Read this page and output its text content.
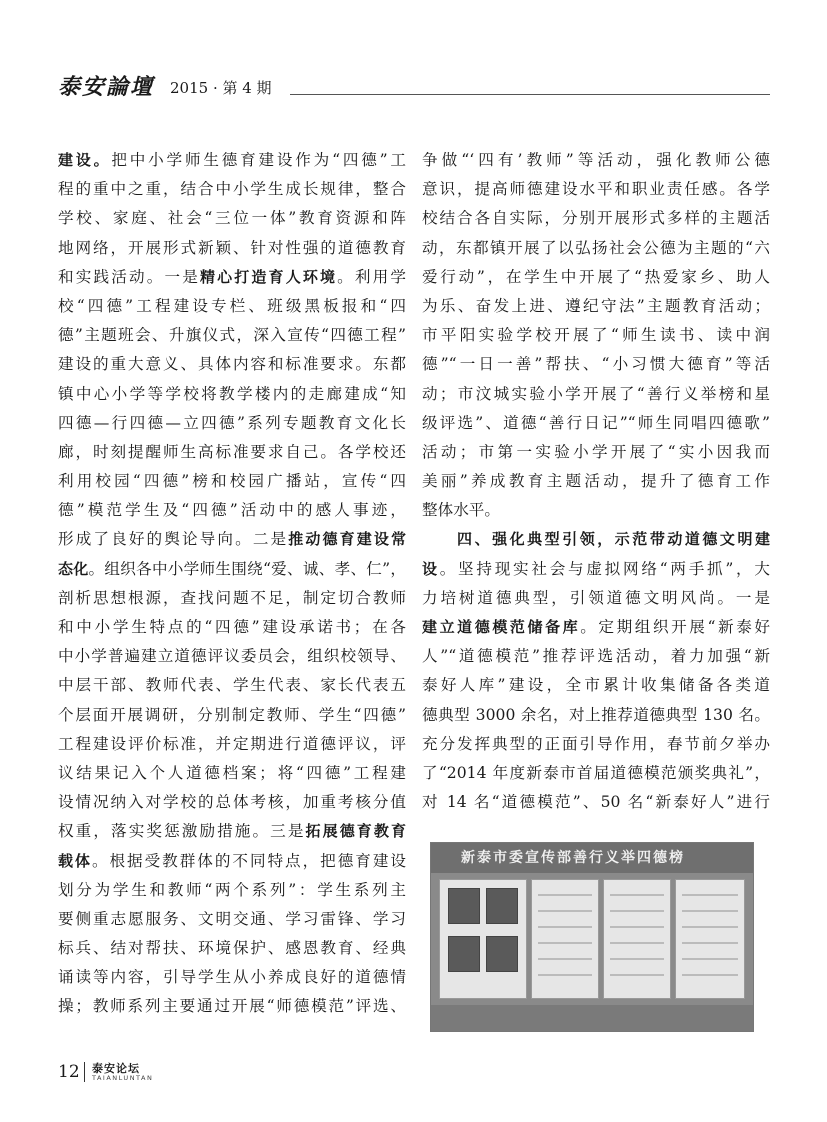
泰安論壇 2015 · 第 4 期
建设。把中小学师生德育建设作为“四德”工
程的重中之重，结合中小学生成长规律，整合
学校、家庭、社会“三位一体”教育资源和阵
地网络，开展形式新颖、针对性强的道德教育
和实践活动。一是精心打造育人环境。利用学
校“四德”工程建设专栏、班级黑板报和“四
德”主题班会、升旗仪式，深入宣传“四德工程”
建设的重大意义、具体内容和标准要求。东都
镇中心小学等学校将教学楼内的走廊建成“知
四德—行四德—立四德”系列专题教育文化长
廊，时刻提醒师生高标准要求自己。各学校还
利用校园“四德”榜和校园广播站，宣传“四
德”模范学生及“四德”活动中的感人事迹，
形成了良好的舆论导向。二是推动德育建设常
态化。组织各中小学师生围绕“爱、诚、孝、仁”，
剖析思想根源，查找问题不足，制定切合教师
和中小学生特点的“四德”建设承诺书；在各
中小学普遍建立道德评议委员会，组织校领导、
中层干部、教师代表、学生代表、家长代表五
个层面开展调研，分别制定教师、学生“四德”
工程建设评价标准，并定期进行道德评议，评
议结果记入个人道德档案；将“四德”工程建
设情况纳入对学校的总体考核，加重考核分值
权重，落实奖惩激励措施。三是拓展德育教育
载体。根据受教群体的不同特点，把德育建设
划分为学生和教师“两个系列”：学生系列主
要侧重志愿服务、文明交通、学习雷锋、学习
标兵、结对帮扶、环境保护、感恩教育、经典
诵读等内容，引导学生从小养成良好的道德情
操；教师系列主要通过开展“师德模范”评选、
争做“‘四有’教师”等活动，强化教师公德
意识，提高师德建设水平和职业责任感。各学
校结合各自实际，分别开展形式多样的主题活
动，东都镇开展了以弘扬社会公德为主题的“六
爱行动”，在学生中开展了“热爱家乡、助人
为乐、奋发上进、遵纪守法”主题教育活动；
市平阳实验学校开展了“师生读书、读中润
德”“一日一善”帮扶、“小习惯大德育”等活
动；市汶城实验小学开展了“善行义举榜和星
级评选”、道德“善行日记”“师生同唱四德歌”
活动；市第一实验小学开展了“实小因我而
美丽”养成教育主题活动，提升了德育工作
整体水平。
　　四、强化典型引领，示范带动道德文明建
设。坚持现实社会与虚拟网络“两手抓”，大
力培树道德典型，引领道德文明风尚。一是
建立道德模范储备库。定期组织开展“新泰好
人”“道德模范”推荐评选活动，着力加强“新
泰好人库”建设，全市累计收集储备各类道
德典型 3000 余名，对上推荐道德典型 130 名。
充分发挥典型的正面引导作用，春节前夕举办
了“2014 年度新泰市首届道德模范颁奖典礼”，
对 14 名“道德模范”、50 名“新泰好人”进行
新泰市委宣传部善行义举四德榜
12 泰安论坛
TAIANLUNTAN
